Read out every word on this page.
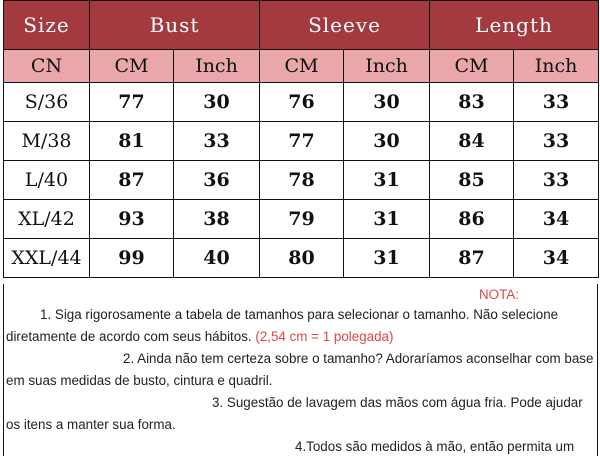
Size	Bust		Sleeve		Length	
CN	CM	Inch	CM	Inch	CM	Inch
S/36	77	30	76	30	83	33
M/38	81	33	77	30	84	33
L/40	87	36	78	31	85	33
XL/42	93	38	79	31	86	34
XXL/44	99	40	80	31	87	34
NOTA:

1. Siga rigorosamente a tabela de tamanhos para selecionar o tamanho. Não selecione diretamente de acordo com seus hábitos. (2,54 cm = 1 polegada)

2. Ainda não tem certeza sobre o tamanho? Adoraríamos aconselhar com base em suas medidas de busto, cintura e quadril.

3. Sugestão de lavagem das mãos com água fria. Pode ajudar os itens a manter sua forma.

4.Todos são medidos à mão, então permita um
